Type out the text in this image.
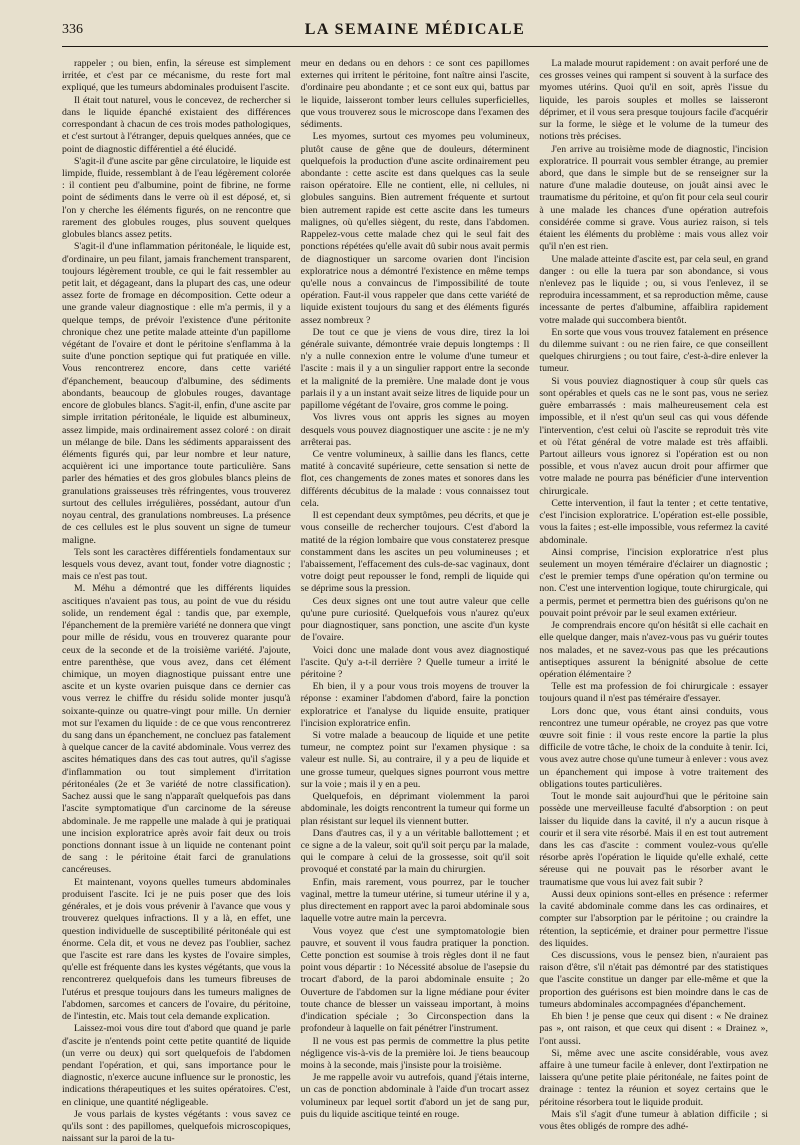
336	LA SEMAINE MÉDICALE

rappeler ; ou bien, enfin, la séreuse est simplement irritée, et c'est par ce mécanisme, du reste fort mal expliqué, que les tumeurs abdominales produisent l'ascite.

Il était tout naturel, vous le concevez, de rechercher si dans le liquide épanché existaient des différences correspondant à chacun de ces trois modes pathologiques, et c'est surtout à l'étranger, depuis quelques années, que ce point de diagnostic différentiel a été élucidé.

S'agit-il d'une ascite par gêne circulatoire, le liquide est limpide, fluide, ressemblant à de l'eau légèrement colorée : il contient peu d'albumine, point de fibrine, ne forme point de sédiments dans le verre où il est déposé, et, si l'on y cherche les éléments figurés, on ne rencontre que rarement des globules rouges, plus souvent quelques globules blancs assez petits.

S'agit-il d'une inflammation péritonéale, le liquide est, d'ordinaire, un peu filant, jamais franchement transparent, toujours légèrement trouble, ce qui le fait ressembler au petit lait, et dégageant, dans la plupart des cas, une odeur assez forte de fromage en décomposition. Cette odeur a une grande valeur diagnostique : elle m'a permis, il y a quelque temps, de prévoir l'existence d'une péritonite chronique chez une petite malade atteinte d'un papillome végétant de l'ovaire et dont le péritoine s'enflamma à la suite d'une ponction septique qui fut pratiquée en ville. Vous rencontrerez encore, dans cette variété d'épanchement, beaucoup d'albumine, des sédiments abondants, beaucoup de globules rouges, davantage encore de globules blancs. S'agit-il, enfin, d'une ascite par simple irritation péritonéale, le liquide est albumineux, assez limpide, mais ordinairement assez coloré : on dirait un mélange de bile. Dans les sédiments apparaissent des éléments figurés qui, par leur nombre et leur nature, acquièrent ici une importance toute particulière. Sans parler des hématies et des gros globules blancs pleins de granulations graisseuses très réfringentes, vous trouverez surtout des cellules irrégulières, possédant, autour d'un noyau central, des granulations nombreuses. La présence de ces cellules est le plus souvent un signe de tumeur maligne.

Tels sont les caractères différentiels fondamentaux sur lesquels vous devez, avant tout, fonder votre diagnostic ; mais ce n'est pas tout.

M. Méhu a démontré que les différents liquides ascitiques n'avaient pas tous, au point de vue du résidu solide, un rendement égal : tandis que, par exemple, l'épanchement de la première variété ne donnera que vingt pour mille de résidu, vous en trouverez quarante pour ceux de la seconde et de la troisième variété. J'ajoute, entre parenthèse, que vous avez, dans cet élément chimique, un moyen diagnostique puissant entre une ascite et un kyste ovarien puisque dans ce dernier cas vous verrez le chiffre du résidu solide monter jusqu'à soixante-quinze ou quatre-vingt pour mille. Un dernier mot sur l'examen du liquide : de ce que vous rencontrerez du sang dans un épanchement, ne concluez pas fatalement à quelque cancer de la cavité abdominale. Vous verrez des ascites hématiques dans des cas tout autres, qu'il s'agisse d'inflammation ou tout simplement d'irritation péritonéales (2e et 3e variété de notre classification). Sachez aussi que le sang n'apparaît quelquefois pas dans l'ascite symptomatique d'un carcinome de la séreuse abdominale. Je me rappelle une malade à qui je pratiquai une incision exploratrice après avoir fait deux ou trois ponctions donnant issue à un liquide ne contenant point de sang : le péritoine était farci de granulations cancéreuses.

Et maintenant, voyons quelles tumeurs abdominales produisent l'ascite. Ici je ne puis poser que des lois générales, et je dois vous prévenir à l'avance que vous y trouverez quelques infractions. Il y a là, en effet, une question individuelle de susceptibilité péritonéale qui est énorme. Cela dit, et vous ne devez pas l'oublier, sachez que l'ascite est rare dans les kystes de l'ovaire simples, qu'elle est fréquente dans les kystes végétants, que vous la rencontrerez quelquefois dans les tumeurs fibreuses de l'utérus et presque toujours dans les tumeurs malignes de l'abdomen, sarcomes et cancers de l'ovaire, du péritoine, de l'intestin, etc. Mais tout cela demande explication.

Laissez-moi vous dire tout d'abord que quand je parle d'ascite je n'entends point cette petite quantité de liquide (un verre ou deux) qui sort quelquefois de l'abdomen pendant l'opération, et qui, sans importance pour le diagnostic, n'exerce aucune influence sur le pronostic, les indications thérapeutiques et les suites opératoires. C'est, en clinique, une quantité négligeable.

Je vous parlais de kystes végétants : vous savez ce qu'ils sont : des papillomes, quelquefois microscopiques, naissant sur la paroi de la tu-

meur en dedans ou en dehors : ce sont ces papillomes externes qui irritent le péritoine, font naître ainsi l'ascite, d'ordinaire peu abondante ; et ce sont eux qui, battus par le liquide, laisseront tomber leurs cellules superficielles, que vous trouverez sous le microscope dans l'examen des sédiments.

Les myomes, surtout ces myomes peu volumineux, plutôt cause de gêne que de douleurs, déterminent quelquefois la production d'une ascite ordinairement peu abondante : cette ascite est dans quelques cas la seule raison opératoire. Elle ne contient, elle, ni cellules, ni globules sanguins. Bien autrement fréquente et surtout bien autrement rapide est cette ascite dans les tumeurs malignes, où qu'elles siègent, du reste, dans l'abdomen. Rappelez-vous cette malade chez qui le seul fait des ponctions répétées qu'elle avait dû subir nous avait permis de diagnostiquer un sarcome ovarien dont l'incision exploratrice nous a démontré l'existence en même temps qu'elle nous a convaincus de l'impossibilité de toute opération. Faut-il vous rappeler que dans cette variété de liquide existent toujours du sang et des éléments figurés assez nombreux ?

De tout ce que je viens de vous dire, tirez la loi générale suivante, démontrée vraie depuis longtemps : Il n'y a nulle connexion entre le volume d'une tumeur et l'ascite : mais il y a un singulier rapport entre la seconde et la malignité de la première. Une malade dont je vous parlais il y a un instant avait seize litres de liquide pour un papillome végétant de l'ovaire, gros comme le poing.

Vos livres vous ont appris les signes au moyen desquels vous pouvez diagnostiquer une ascite : je ne m'y arrêterai pas.

Ce ventre volumineux, à saillie dans les flancs, cette matité à concavité supérieure, cette sensation si nette de flot, ces changements de zones mates et sonores dans les différents décubitus de la malade : vous connaissez tout cela.

Il est cependant deux symptômes, peu décrits, et que je vous conseille de rechercher toujours. C'est d'abord la matité de la région lombaire que vous constaterez presque constamment dans les ascites un peu volumineuses ; et l'abaissement, l'effacement des culs-de-sac vaginaux, dont votre doigt peut repousser le fond, rempli de liquide qui se déprime sous la pression.

Ces deux signes ont une tout autre valeur que celle qu'une pure curiosité. Quelquefois vous n'aurez qu'eux pour diagnostiquer, sans ponction, une ascite d'un kyste de l'ovaire.

Voici donc une malade dont vous avez diagnostiqué l'ascite. Qu'y a-t-il derrière ? Quelle tumeur a irrité le péritoine ?

Eh bien, il y a pour vous trois moyens de trouver la réponse : examiner l'abdomen d'abord, faire la ponction exploratrice et l'analyse du liquide ensuite, pratiquer l'incision exploratrice enfin.

Si votre malade a beaucoup de liquide et une petite tumeur, ne comptez point sur l'examen physique : sa valeur est nulle. Si, au contraire, il y a peu de liquide et une grosse tumeur, quelques signes pourront vous mettre sur la voie ; mais il y en a peu.

Quelquefois, en déprimant violemment la paroi abdominale, les doigts rencontrent la tumeur qui forme un plan résistant sur lequel ils viennent butter.

Dans d'autres cas, il y a un véritable ballottement ; et ce signe a de la valeur, soit qu'il soit perçu par la malade, qui le compare à celui de la grossesse, soit qu'il soit provoqué et constaté par la main du chirurgien.

Enfin, mais rarement, vous pourrez, par le toucher vaginal, mettre la tumeur utérine, si tumeur utérine il y a, plus directement en rapport avec la paroi abdominale sous laquelle votre autre main la percevra.

Vous voyez que c'est une symptomatologie bien pauvre, et souvent il vous faudra pratiquer la ponction. Cette ponction est soumise à trois règles dont il ne faut point vous départir : 1o Nécessité absolue de l'asepsie du trocart d'abord, de la paroi abdominale ensuite ; 2o Ouverture de l'abdomen sur la ligne médiane pour éviter toute chance de blesser un vaisseau important, à moins d'indication spéciale ; 3o Circonspection dans la profondeur à laquelle on fait pénétrer l'instrument.

Il ne vous est pas permis de commettre la plus petite négligence vis-à-vis de la première loi. Je tiens beaucoup moins à la seconde, mais j'insiste pour la troisième.

Je me rappelle avoir vu autrefois, quand j'étais interne, un cas de ponction abdominale à l'aide d'un trocart assez volumineux par lequel sortit d'abord un jet de sang pur, puis du liquide ascitique teinté en rouge.

La malade mourut rapidement : on avait perforé une de ces grosses veines qui rampent si souvent à la surface des myomes utérins. Quoi qu'il en soit, après l'issue du liquide, les parois souples et molles se laisseront déprimer, et il vous sera presque toujours facile d'acquérir sur la forme, le siège et le volume de la tumeur des notions très précises.

J'en arrive au troisième mode de diagnostic, l'incision exploratrice. Il pourrait vous sembler étrange, au premier abord, que dans le simple but de se renseigner sur la nature d'une maladie douteuse, on jouât ainsi avec le traumatisme du péritoine, et qu'on fit pour cela seul courir à une malade les chances d'une opération autrefois considérée comme si grave. Vous auriez raison, si tels étaient les éléments du problème : mais vous allez voir qu'il n'en est rien.

Une malade atteinte d'ascite est, par cela seul, en grand danger : ou elle la tuera par son abondance, si vous n'enlevez pas le liquide ; ou, si vous l'enlevez, il se reproduira incessamment, et sa reproduction même, cause incessante de pertes d'albumine, affaiblira rapidement votre malade qui succombera bientôt.

En sorte que vous vous trouvez fatalement en présence du dilemme suivant : ou ne rien faire, ce que conseillent quelques chirurgiens ; ou tout faire, c'est-à-dire enlever la tumeur.

Si vous pouviez diagnostiquer à coup sûr quels cas sont opérables et quels cas ne le sont pas, vous ne seriez guère embarrassés : mais malheureusement cela est impossible, et il n'est qu'un seul cas qui vous défende l'intervention, c'est celui où l'ascite se reproduit très vite et où l'état général de votre malade est très affaibli. Partout ailleurs vous ignorez si l'opération est ou non possible, et vous n'avez aucun droit pour affirmer que votre malade ne pourra pas bénéficier d'une intervention chirurgicale.

Cette intervention, il faut la tenter ; et cette tentative, c'est l'incision exploratrice. L'opération est-elle possible, vous la faites ; est-elle impossible, vous refermez la cavité abdominale.

Ainsi comprise, l'incision exploratrice n'est plus seulement un moyen téméraire d'éclairer un diagnostic ; c'est le premier temps d'une opération qu'on termine ou non. C'est une intervention logique, toute chirurgicale, qui a permis, permet et permettra bien des guérisons qu'on ne pouvait point prévoir par le seul examen extérieur.

Je comprendrais encore qu'on hésitât si elle cachait en elle quelque danger, mais n'avez-vous pas vu guérir toutes nos malades, et ne savez-vous pas que les précautions antiseptiques assurent la bénignité absolue de cette opération élémentaire ?

Telle est ma profession de foi chirurgicale : essayer toujours quand il n'est pas téméraire d'essayer.

Lors donc que, vous étant ainsi conduits, vous rencontrez une tumeur opérable, ne croyez pas que votre œuvre soit finie : il vous reste encore la partie la plus difficile de votre tâche, le choix de la conduite à tenir. Ici, vous avez autre chose qu'une tumeur à enlever : vous avez un épanchement qui impose à votre traitement des obligations toutes particulières.

Tout le monde sait aujourd'hui que le péritoine sain possède une merveilleuse faculté d'absorption : on peut laisser du liquide dans la cavité, il n'y a aucun risque à courir et il sera vite résorbé. Mais il en est tout autrement dans les cas d'ascite : comment voulez-vous qu'elle résorbe après l'opération le liquide qu'elle exhalé, cette séreuse qui ne pouvait pas le résorber avant le traumatisme que vous lui avez fait subir ?

Aussi deux opinions sont-elles en présence : refermer la cavité abdominale comme dans les cas ordinaires, et compter sur l'absorption par le péritoine ; ou craindre la rétention, la septicémie, et drainer pour permettre l'issue des liquides.

Ces discussions, vous le pensez bien, n'auraient pas raison d'être, s'il n'était pas démontré par des statistiques que l'ascite constitue un danger par elle-même et que la proportion des guérisons est bien moindre dans le cas de tumeurs abdominales accompagnées d'épanchement.

Eh bien ! je pense que ceux qui disent : « Ne drainez pas », ont raison, et que ceux qui disent : « Drainez », l'ont aussi.

Si, même avec une ascite considérable, vous avez affaire à une tumeur facile à enlever, dont l'extirpation ne laissera qu'une petite plaie péritonéale, ne faites point de drainage : tentez la réunion et soyez certains que le péritoine résorbera tout le liquide produit.

Mais s'il s'agit d'une tumeur à ablation difficile ; si vous êtes obligés de rompre des adhé-
